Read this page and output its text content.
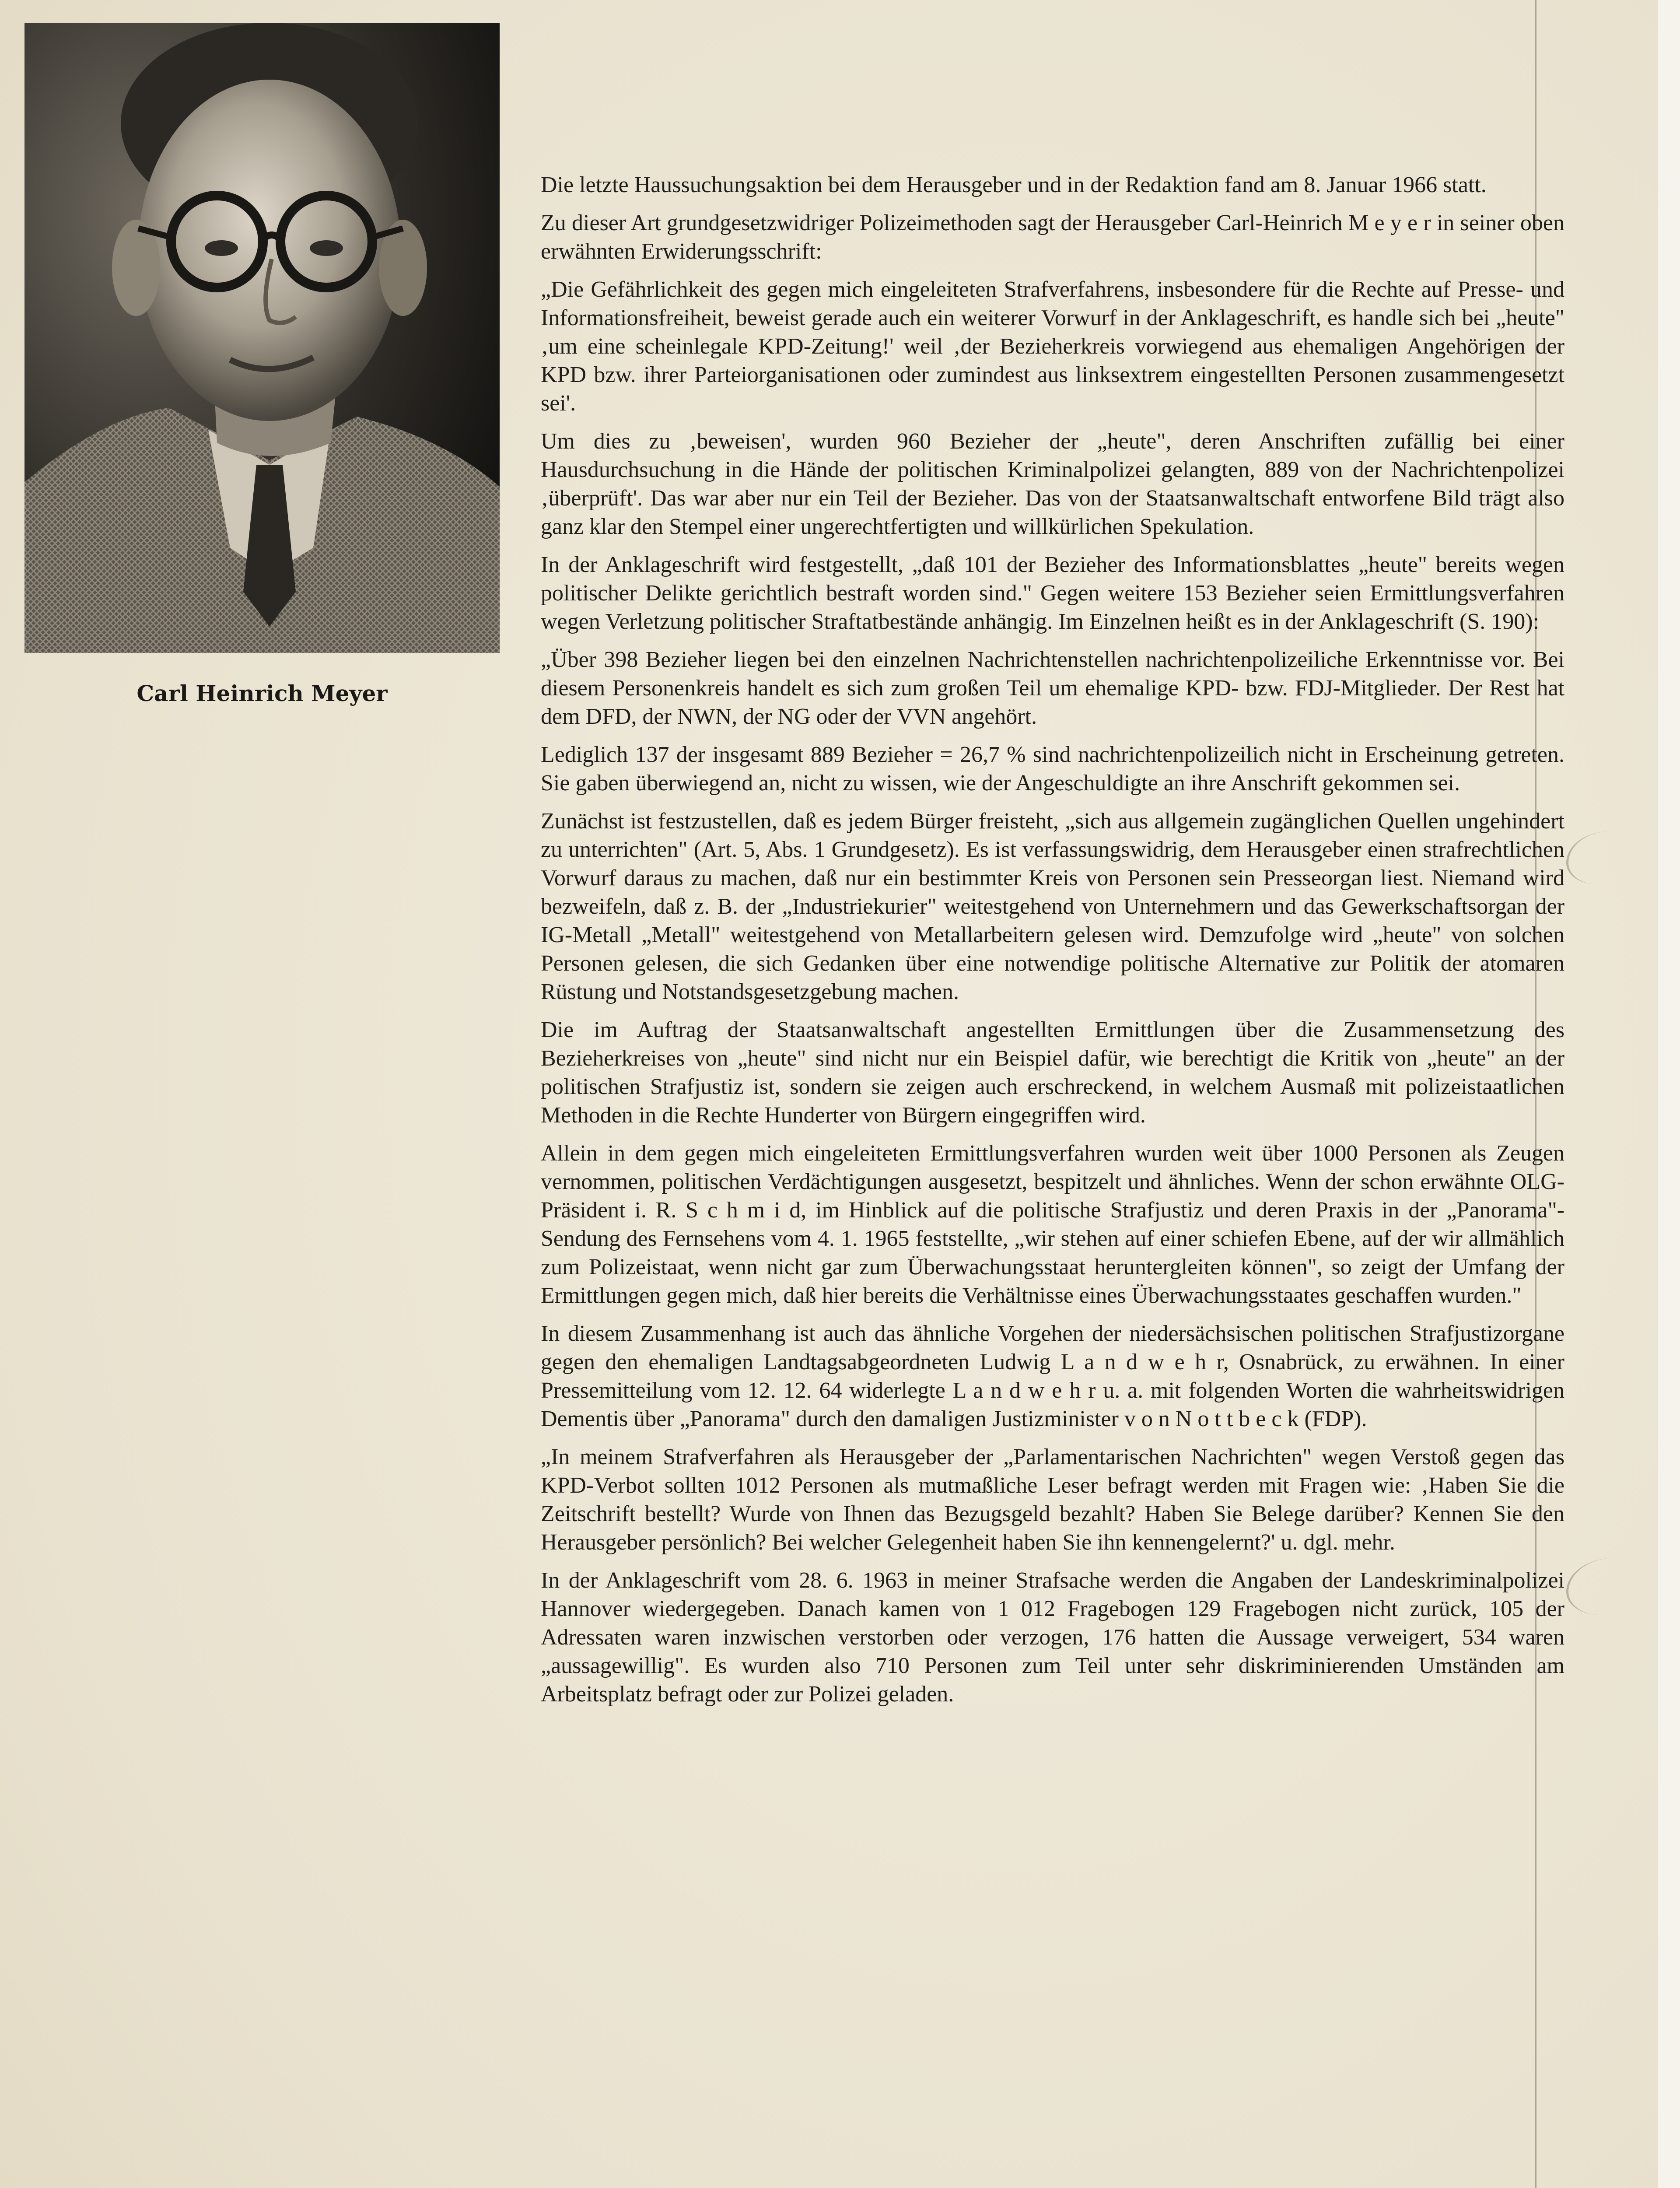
Carl Heinrich Meyer

Die letzte Haussuchungsaktion bei dem Herausgeber und in der Redaktion fand am 8. Januar 1966 statt.

Zu dieser Art grundgesetzwidriger Polizeimethoden sagt der Herausgeber Carl-Heinrich M e y e r in seiner oben erwähnten Erwiderungsschrift:

„Die Gefährlichkeit des gegen mich eingeleiteten Strafverfahrens, insbesondere für die Rechte auf Presse- und Informationsfreiheit, beweist gerade auch ein weiterer Vorwurf in der Anklageschrift, es handle sich bei „heute" ‚um eine scheinlegale KPD-Zeitung!' weil ‚der Bezieherkreis vorwiegend aus ehemaligen Angehörigen der KPD bzw. ihrer Parteiorganisationen oder zumindest aus linksextrem eingestellten Personen zusammengesetzt sei'.

Um dies zu ‚beweisen', wurden 960 Bezieher der „heute", deren Anschriften zufällig bei einer Hausdurchsuchung in die Hände der politischen Kriminalpolizei gelangten, 889 von der Nachrichtenpolizei ‚überprüft'. Das war aber nur ein Teil der Bezieher. Das von der Staatsanwaltschaft entworfene Bild trägt also ganz klar den Stempel einer ungerechtfertigten und willkürlichen Spekulation.

In der Anklageschrift wird festgestellt, „daß 101 der Bezieher des Informationsblattes „heute" bereits wegen politischer Delikte gerichtlich bestraft worden sind." Gegen weitere 153 Bezieher seien Ermittlungsverfahren wegen Verletzung politischer Straftatbestände anhängig. Im Einzelnen heißt es in der Anklageschrift (S. 190):

„Über 398 Bezieher liegen bei den einzelnen Nachrichtenstellen nachrichtenpolizeiliche Erkenntnisse vor. Bei diesem Personenkreis handelt es sich zum großen Teil um ehemalige KPD- bzw. FDJ-Mitglieder. Der Rest hat dem DFD, der NWN, der NG oder der VVN angehört.

Lediglich 137 der insgesamt 889 Bezieher = 26,7 % sind nachrichtenpolizeilich nicht in Erscheinung getreten. Sie gaben überwiegend an, nicht zu wissen, wie der Angeschuldigte an ihre Anschrift gekommen sei.

Zunächst ist festzustellen, daß es jedem Bürger freisteht, „sich aus allgemein zugänglichen Quellen ungehindert zu unterrichten" (Art. 5, Abs. 1 Grundgesetz). Es ist verfassungswidrig, dem Herausgeber einen strafrechtlichen Vorwurf daraus zu machen, daß nur ein bestimmter Kreis von Personen sein Presseorgan liest. Niemand wird bezweifeln, daß z. B. der „Industriekurier" weitestgehend von Unternehmern und das Gewerkschaftsorgan der IG-Metall „Metall" weitestgehend von Metallarbeitern gelesen wird. Demzufolge wird „heute" von solchen Personen gelesen, die sich Gedanken über eine notwendige politische Alternative zur Politik der atomaren Rüstung und Notstandsgesetzgebung machen.

Die im Auftrag der Staatsanwaltschaft angestellten Ermittlungen über die Zusammensetzung des Bezieherkreises von „heute" sind nicht nur ein Beispiel dafür, wie berechtigt die Kritik von „heute" an der politischen Strafjustiz ist, sondern sie zeigen auch erschreckend, in welchem Ausmaß mit polizeistaatlichen Methoden in die Rechte Hunderter von Bürgern eingegriffen wird.

Allein in dem gegen mich eingeleiteten Ermittlungsverfahren wurden weit über 1000 Personen als Zeugen vernommen, politischen Verdächtigungen ausgesetzt, bespitzelt und ähnliches. Wenn der schon erwähnte OLG-Präsident i. R. S c h m i d, im Hinblick auf die politische Strafjustiz und deren Praxis in der „Panorama"-Sendung des Fernsehens vom 4. 1. 1965 feststellte, „wir stehen auf einer schiefen Ebene, auf der wir allmählich zum Polizeistaat, wenn nicht gar zum Überwachungsstaat heruntergleiten können", so zeigt der Umfang der Ermittlungen gegen mich, daß hier bereits die Verhältnisse eines Überwachungsstaates geschaffen wurden."

In diesem Zusammenhang ist auch das ähnliche Vorgehen der niedersächsischen politischen Strafjustizorgane gegen den ehemaligen Landtagsabgeordneten Ludwig L a n d w e h r, Osnabrück, zu erwähnen. In einer Pressemitteilung vom 12. 12. 64 widerlegte L a n d w e h r u. a. mit folgenden Worten die wahrheitswidrigen Dementis über „Panorama" durch den damaligen Justizminister v o n N o t t b e c k (FDP).

„In meinem Strafverfahren als Herausgeber der „Parlamentarischen Nachrichten" wegen Verstoß gegen das KPD-Verbot sollten 1012 Personen als mutmaßliche Leser befragt werden mit Fragen wie: ‚Haben Sie die Zeitschrift bestellt? Wurde von Ihnen das Bezugsgeld bezahlt? Haben Sie Belege darüber? Kennen Sie den Herausgeber persönlich? Bei welcher Gelegenheit haben Sie ihn kennengelernt?' u. dgl. mehr.

In der Anklageschrift vom 28. 6. 1963 in meiner Strafsache werden die Angaben der Landeskriminalpolizei Hannover wiedergegeben. Danach kamen von 1 012 Fragebogen 129 Fragebogen nicht zurück, 105 der Adressaten waren inzwischen verstorben oder verzogen, 176 hatten die Aussage verweigert, 534 waren „aussagewillig". Es wurden also 710 Personen zum Teil unter sehr diskriminierenden Umständen am Arbeitsplatz befragt oder zur Polizei geladen.
